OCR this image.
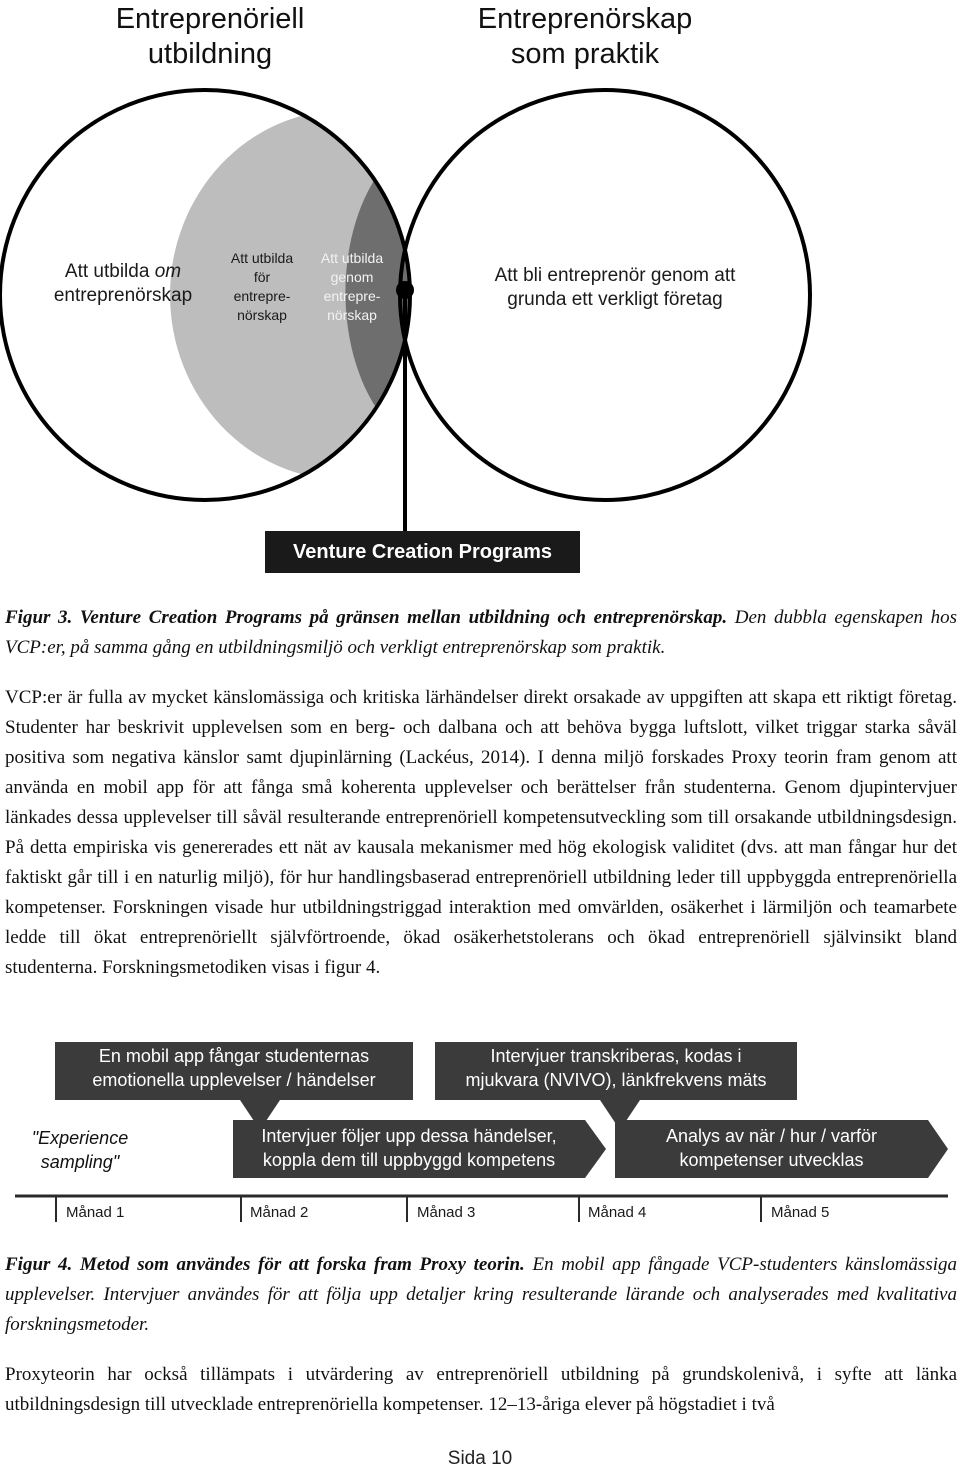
Entreprenöriell
utbildning
Entreprenörskap
som praktik
Att utbilda om
entreprenörskap
Att utbilda
för
entrepre-
nörskap
Att utbilda
genom
entrepre-
nörskap
Att bli entreprenör genom att
grunda ett verkligt företag
Venture Creation Programs
Figur 3. Venture Creation Programs på gränsen mellan utbildning och entreprenörskap. Den dubbla egenskapen hos VCP:er, på samma gång en utbildningsmiljö och verkligt entreprenörskap som praktik.
VCP:er är fulla av mycket känslomässiga och kritiska lärhändelser direkt orsakade av uppgiften att skapa ett riktigt företag. Studenter har beskrivit upplevelsen som en berg- och dalbana och att behöva bygga luftslott, vilket triggar starka såväl positiva som negativa känslor samt djupinlärning (Lackéus, 2014). I denna miljö forskades Proxy teorin fram genom att använda en mobil app för att fånga små koherenta upplevelser och berättelser från studenterna. Genom djupintervjuer länkades dessa upplevelser till såväl resulterande entreprenöriell kompetensutveckling som till orsakande utbildningsdesign. På detta empiriska vis genererades ett nät av kausala mekanismer med hög ekologisk validitet (dvs. att man fångar hur det faktiskt går till i en naturlig miljö), för hur handlingsbaserad entreprenöriell utbildning leder till uppbyggda entreprenöriella kompetenser. Forskningen visade hur utbildningstriggad interaktion med omvärlden, osäkerhet i lärmiljön och teamarbete ledde till ökat entreprenöriellt självförtroende, ökad osäkerhetstolerans och ökad entreprenöriell självinsikt bland studenterna. Forskningsmetodiken visas i figur 4.
En mobil app fångar studenternas
emotionella upplevelser / händelser
Intervjuer transkriberas, kodas i
mjukvara (NVIVO), länkfrekvens mäts
Intervjuer följer upp dessa händelser,
koppla dem till uppbyggd kompetens
Analys av när / hur / varför
kompetenser utvecklas
"Experience
sampling"
Månad 1	Månad 2	Månad 3	Månad 4	Månad 5
Figur 4. Metod som användes för att forska fram Proxy teorin. En mobil app fångade VCP-studenters känslomässiga upplevelser. Intervjuer användes för att följa upp detaljer kring resulterande lärande och analyserades med kvalitativa forskningsmetoder.
Proxyteorin har också tillämpats i utvärdering av entreprenöriell utbildning på grundskolenivå, i syfte att länka utbildningsdesign till utvecklade entreprenöriella kompetenser. 12–13-åriga elever på högstadiet i två
Sida 10
